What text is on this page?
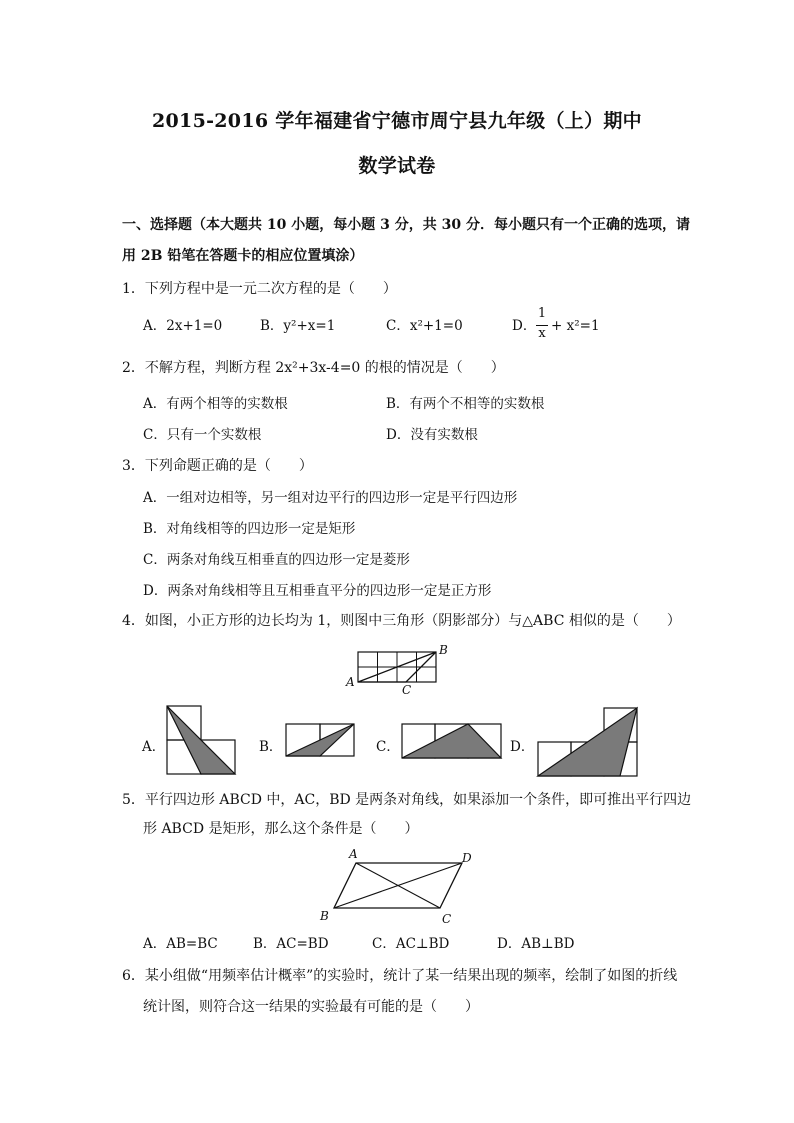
2015-2016 学年福建省宁德市周宁县九年级（上）期中
数学试卷
一、选择题（本大题共 10 小题，每小题 3 分，共 30 分．每小题只有一个正确的选项，请
用 2B 铅笔在答题卡的相应位置填涂）
1．下列方程中是一元二次方程的是（　　）
A．2x+1=0	B．y²+x=1	C．x²+1=0	D．
1
x + x²=1
2．不解方程，判断方程 2x²+3x-4=0 的根的情况是（　　）
A．有两个相等的实数根	B．有两个不相等的实数根
C．只有一个实数根	D．没有实数根
3．下列命题正确的是（　　）
A．一组对边相等，另一组对边平行的四边形一定是平行四边形
B．对角线相等的四边形一定是矩形
C．两条对角线互相垂直的四边形一定是菱形
D．两条对角线相等且互相垂直平分的四边形一定是正方形
4．如图，小正方形的边长均为 1，则图中三角形（阴影部分）与△ABC 相似的是（　　）
A
B
C
A．	B．	C．	D．
5．平行四边形 ABCD 中，AC，BD 是两条对角线，如果添加一个条件，即可推出平行四边
形 ABCD 是矩形，那么这个条件是（　　）
A	D
B	C
A．AB=BC	B．AC=BD	C．AC⊥BD	D．AB⊥BD
6．某小组做“用频率估计概率”的实验时，统计了某一结果出现的频率，绘制了如图的折线
统计图，则符合这一结果的实验最有可能的是（　　）
